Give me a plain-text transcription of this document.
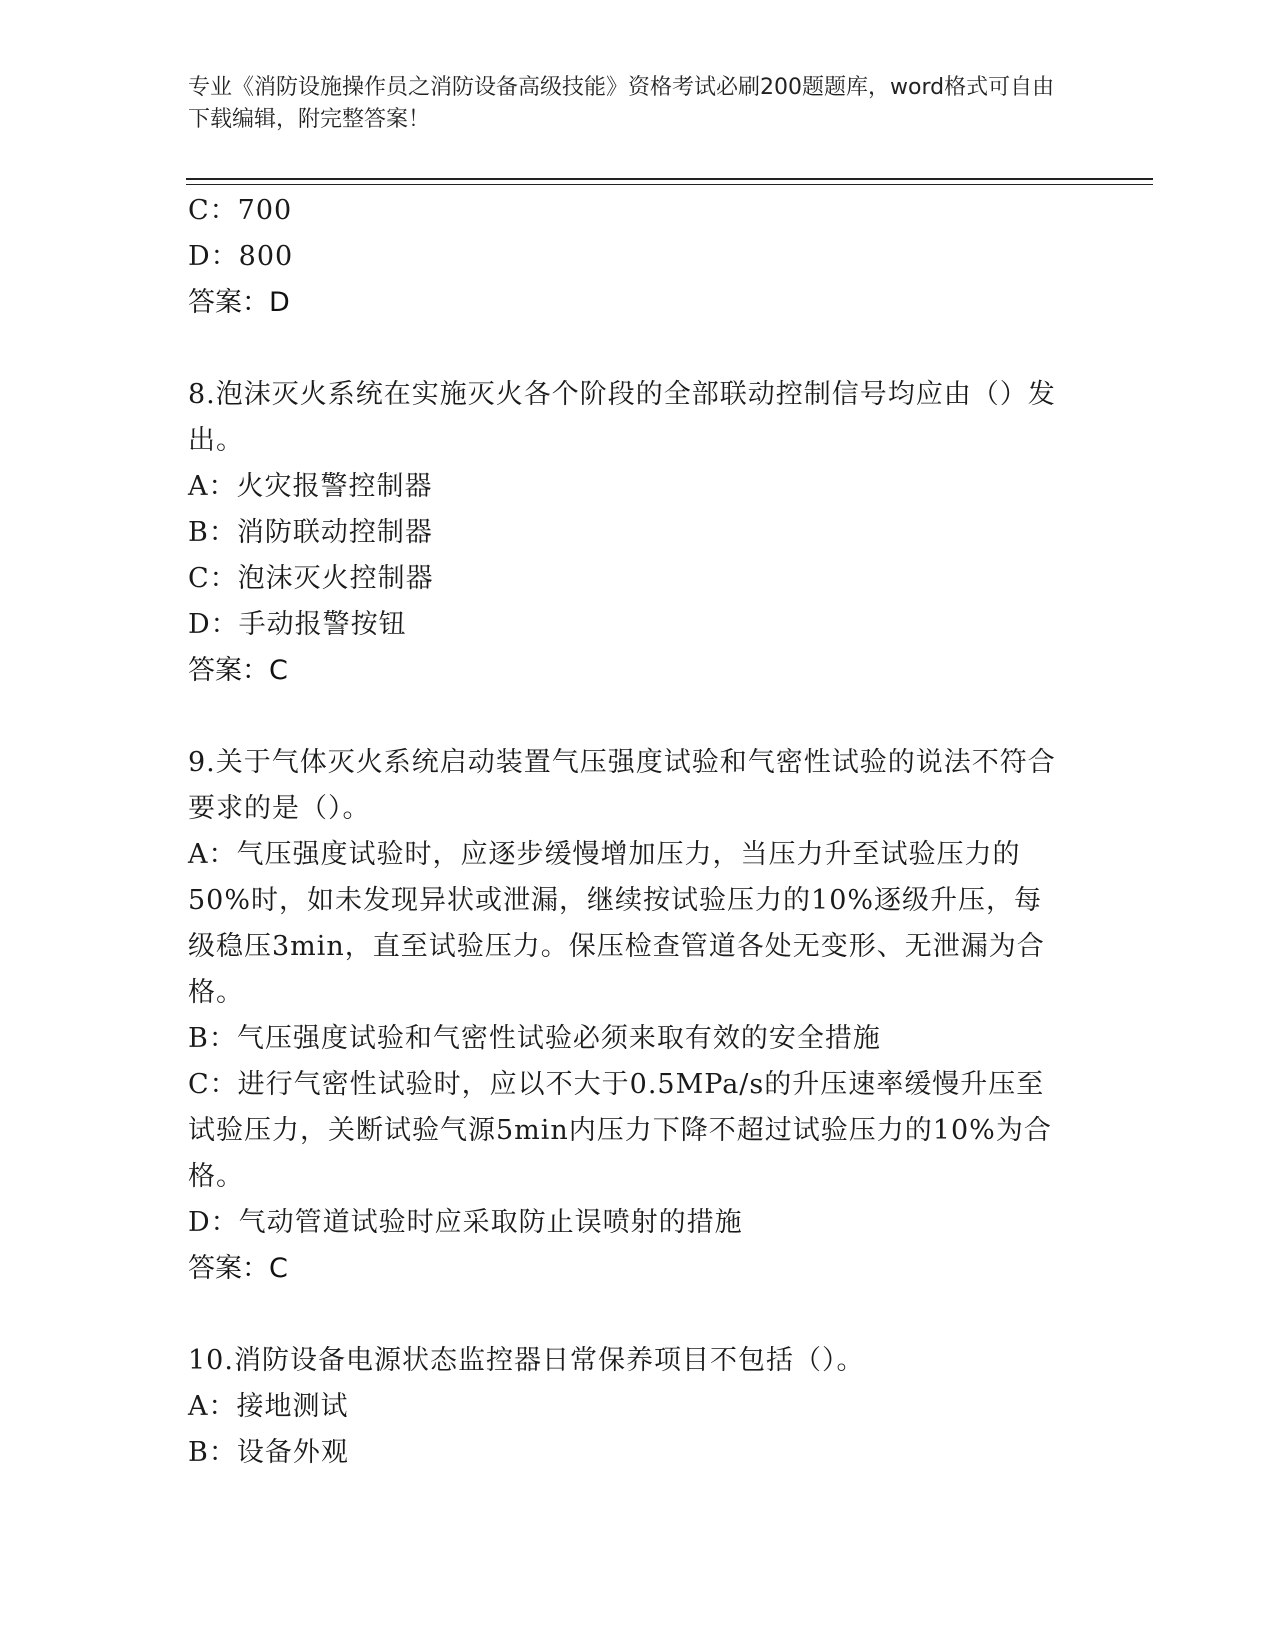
专业《消防设施操作员之消防设备高级技能》资格考试必刷200题题库，word格式可自由下载编辑，附完整答案！
C：700
D：800
答案：D
8.泡沫灭火系统在实施灭火各个阶段的全部联动控制信号均应由（）发出。
A：火灾报警控制器
B：消防联动控制器
C：泡沫灭火控制器
D：手动报警按钮
答案：C
9.关于气体灭火系统启动装置气压强度试验和气密性试验的说法不符合要求的是（）。
A：气压强度试验时，应逐步缓慢增加压力，当压力升至试验压力的50%时，如未发现异状或泄漏，继续按试验压力的10%逐级升压，每级稳压3min，直至试验压力。保压检查管道各处无变形、无泄漏为合格。
B：气压强度试验和气密性试验必须来取有效的安全措施
C：进行气密性试验时，应以不大于0.5MPa/s的升压速率缓慢升压至试验压力，关断试验气源5min内压力下降不超过试验压力的10%为合格。
D：气动管道试验时应采取防止误喷射的措施
答案：C
10.消防设备电源状态监控器日常保养项目不包括（）。
A：接地测试
B：设备外观
